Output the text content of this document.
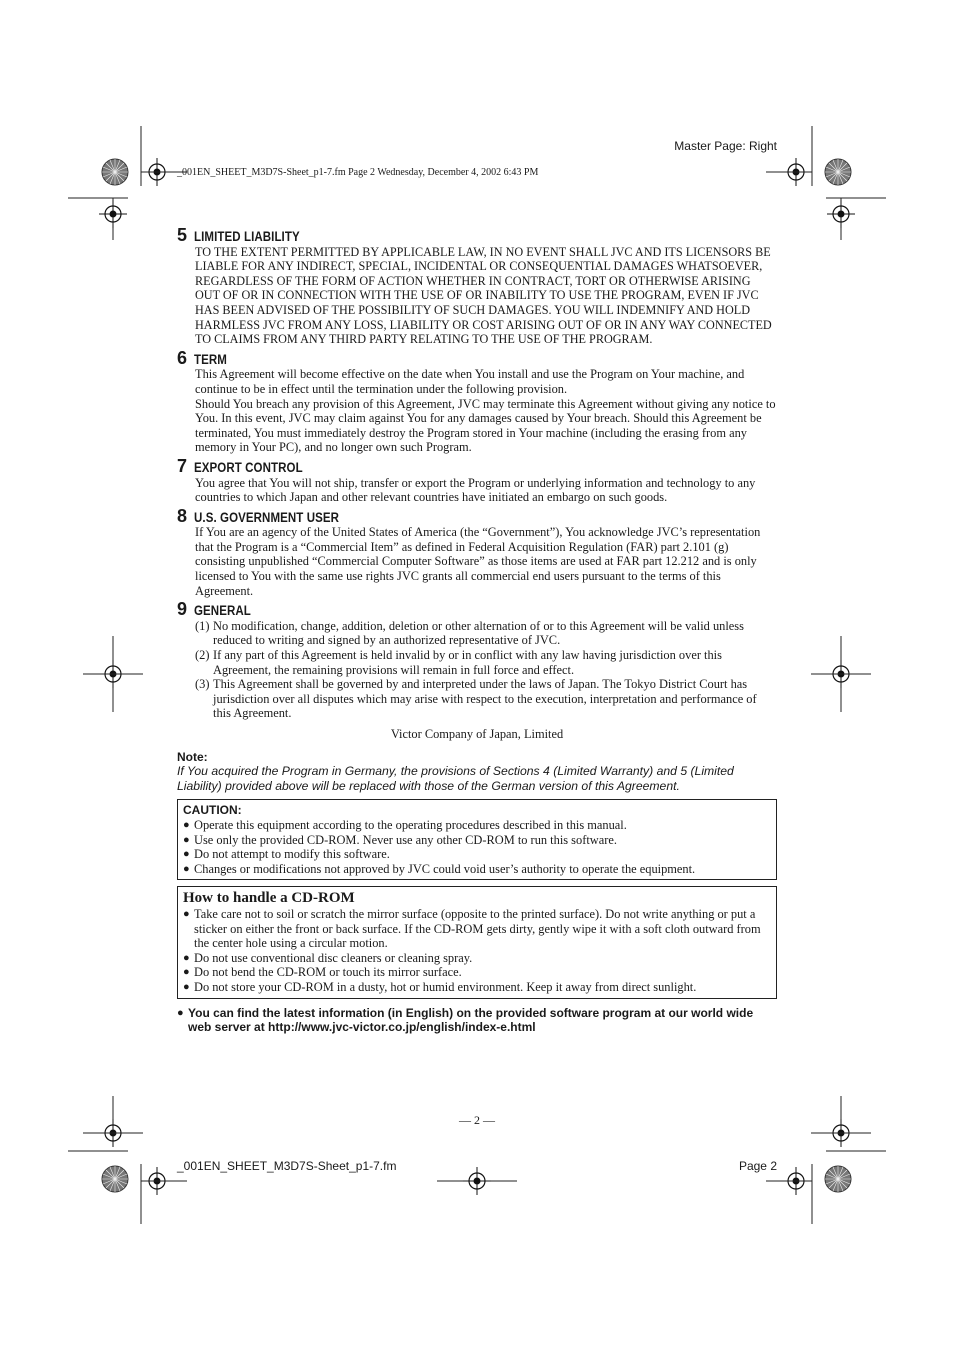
Master Page: Right
_001EN_SHEET_M3D7S-Sheet_p1-7.fm Page 2 Wednesday, December 4, 2002 6:43 PM
5 LIMITED LIABILITY

TO THE EXTENT PERMITTED BY APPLICABLE LAW, IN NO EVENT SHALL JVC AND ITS LICENSORS BE LIABLE FOR ANY INDIRECT, SPECIAL, INCIDENTAL OR CONSEQUENTIAL DAMAGES WHATSOEVER, REGARDLESS OF THE FORM OF ACTION WHETHER IN CONTRACT, TORT OR OTHERWISE ARISING OUT OF OR IN CONNECTION WITH THE USE OF OR INABILITY TO USE THE PROGRAM, EVEN IF JVC HAS BEEN ADVISED OF THE POSSIBILITY OF SUCH DAMAGES. YOU WILL INDEMNIFY AND HOLD HARMLESS JVC FROM ANY LOSS, LIABILITY OR COST ARISING OUT OF OR IN ANY WAY CONNECTED TO CLAIMS FROM ANY THIRD PARTY RELATING TO THE USE OF THE PROGRAM.

6 TERM

This Agreement will become effective on the date when You install and use the Program on Your machine, and continue to be in effect until the termination under the following provision.

Should You breach any provision of this Agreement, JVC may terminate this Agreement without giving any notice to You. In this event, JVC may claim against You for any damages caused by Your breach. Should this Agreement be terminated, You must immediately destroy the Program stored in Your machine (including the erasing from any memory in Your PC), and no longer own such Program.

7 EXPORT CONTROL

You agree that You will not ship, transfer or export the Program or underlying information and technology to any countries to which Japan and other relevant countries have initiated an embargo on such goods.

8 U.S. GOVERNMENT USER

If You are an agency of the United States of America (the “Government”), You acknowledge JVC’s representation that the Program is a “Commercial Item” as defined in Federal Acquisition Regulation (FAR) part 2.101 (g) consisting unpublished “Commercial Computer Software” as those items are used at FAR part 12.212 and is only licensed to You with the same use rights JVC grants all commercial end users pursuant to the terms of this Agreement.

9 GENERAL
(1) No modification, change, addition, deletion or other alternation of or to this Agreement will be valid unless reduced to writing and signed by an authorized representative of JVC.
(2) If any part of this Agreement is held invalid by or in conflict with any law having jurisdiction over this Agreement, the remaining provisions will remain in full force and effect.
(3) This Agreement shall be governed by and interpreted under the laws of Japan. The Tokyo District Court has jurisdiction over all disputes which may arise with respect to the execution, interpretation and performance of this Agreement.
Victor Company of Japan, Limited
Note:
If You acquired the Program in Germany, the provisions of Sections 4 (Limited Warranty) and 5 (Limited Liability) provided above will be replaced with those of the German version of this Agreement.
CAUTION:
● Operate this equipment according to the operating procedures described in this manual.
● Use only the provided CD-ROM. Never use any other CD-ROM to run this software.
● Do not attempt to modify this software.
● Changes or modifications not approved by JVC could void user’s authority to operate the equipment.
How to handle a CD-ROM
● Take care not to soil or scratch the mirror surface (opposite to the printed surface). Do not write anything or put a sticker on either the front or back surface. If the CD-ROM gets dirty, gently wipe it with a soft cloth outward from the center hole using a circular motion.
● Do not use conventional disc cleaners or cleaning spray.
● Do not bend the CD-ROM or touch its mirror surface.
● Do not store your CD-ROM in a dusty, hot or humid environment. Keep it away from direct sunlight.
● You can find the latest information (in English) on the provided software program at our world wide web server at http://www.jvc-victor.co.jp/english/index-e.html
— 2 —
_001EN_SHEET_M3D7S-Sheet_p1-7.fm	Page 2
